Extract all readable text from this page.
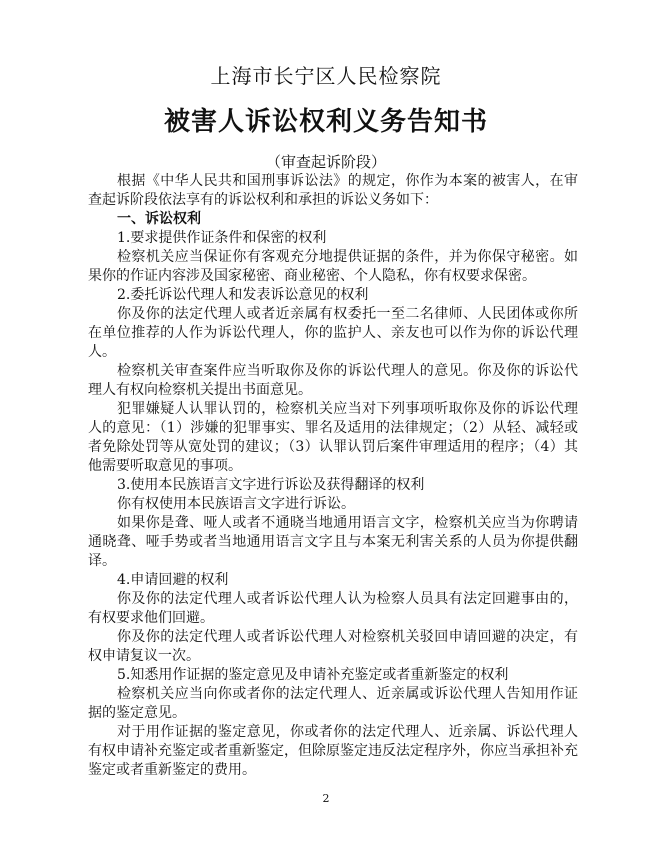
上海市长宁区人民检察院
被害人诉讼权利义务告知书
（审查起诉阶段）

根据《中华人民共和国刑事诉讼法》的规定，你作为本案的被害人，在审查起诉阶段依法享有的诉讼权利和承担的诉讼义务如下：

一、诉讼权利

1.要求提供作证条件和保密的权利

检察机关应当保证你有客观充分地提供证据的条件，并为你保守秘密。如果你的作证内容涉及国家秘密、商业秘密、个人隐私，你有权要求保密。

2.委托诉讼代理人和发表诉讼意见的权利

你及你的法定代理人或者近亲属有权委托一至二名律师、人民团体或你所在单位推荐的人作为诉讼代理人，你的监护人、亲友也可以作为你的诉讼代理人。

检察机关审查案件应当听取你及你的诉讼代理人的意见。你及你的诉讼代理人有权向检察机关提出书面意见。

犯罪嫌疑人认罪认罚的，检察机关应当对下列事项听取你及你的诉讼代理人的意见：（1）涉嫌的犯罪事实、罪名及适用的法律规定；（2）从轻、减轻或者免除处罚等从宽处罚的建议；（3）认罪认罚后案件审理适用的程序；（4）其他需要听取意见的事项。

3.使用本民族语言文字进行诉讼及获得翻译的权利

你有权使用本民族语言文字进行诉讼。

如果你是聋、哑人或者不通晓当地通用语言文字，检察机关应当为你聘请通晓聋、哑手势或者当地通用语言文字且与本案无利害关系的人员为你提供翻译。

4.申请回避的权利

你及你的法定代理人或者诉讼代理人认为检察人员具有法定回避事由的，有权要求他们回避。

你及你的法定代理人或者诉讼代理人对检察机关驳回申请回避的决定，有权申请复议一次。

5.知悉用作证据的鉴定意见及申请补充鉴定或者重新鉴定的权利

检察机关应当向你或者你的法定代理人、近亲属或诉讼代理人告知用作证据的鉴定意见。

对于用作证据的鉴定意见，你或者你的法定代理人、近亲属、诉讼代理人有权申请补充鉴定或者重新鉴定，但除原鉴定违反法定程序外，你应当承担补充鉴定或者重新鉴定的费用。

2
